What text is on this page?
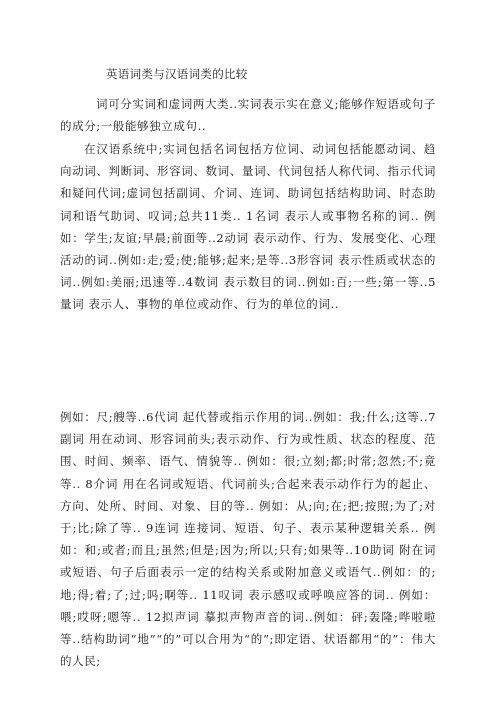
英语词类与汉语词类的比较

词可分实词和虚词两大类..实词表示实在意义;能够作短语或句子的成分;一般能够独立成句..

在汉语系统中;实词包括名词包括方位词、动词包括能愿动词、趋向动词、判断词、形容词、数词、量词、代词包括人称代词、指示代词和疑问代词;虚词包括副词、介词、连词、助词包括结构助词、时态助词和语气助词、叹词;总共11类.. 1名词 表示人或事物名称的词.. 例如：学生;友谊;早晨;前面等..2动词 表示动作、行为、发展变化、心理活动的词..例如:走;爱;使;能够;起来;是等..3形容词 表示性质或状态的词..例如:美丽;迅速等..4数词 表示数目的词..例如:百;一些;第一等..5量词 表示人、事物的单位或动作、行为的单位的词..

例如：尺;艘等..6代词 起代替或指示作用的词..例如：我;什么;这等..7副词 用在动词、形容词前头;表示动作、行为或性质、状态的程度、范围、时间、频率、语气、情貌等.. 例如：很;立刻;都;时常;忽然;不;竟等.. 8介词 用在名词或短语、代词前头;合起来表示动作行为的起止、方向、处所、时间、对象、目的等.. 例如：从;向;在;把;按照;为了;对于;比;除了等.. 9连词 连接词、短语、句子、表示某种逻辑关系.. 例如：和;或者;而且;虽然;但是;因为;所以;只有;如果等..10助词 附在词或短语、句子后面表示一定的结构关系或附加意义或语气..例如：的;地;得;着;了;过;吗;啊等.. 11叹词 表示感叹或呼唤应答的词.. 例如：喂;哎呀;嗯等.. 12拟声词 摹拟声物声音的词..例如：砰;轰隆;哗啦啦等..结构助词“地”“的”可以合用为“的”;即定语、状语都用“的”：伟大的人民;
